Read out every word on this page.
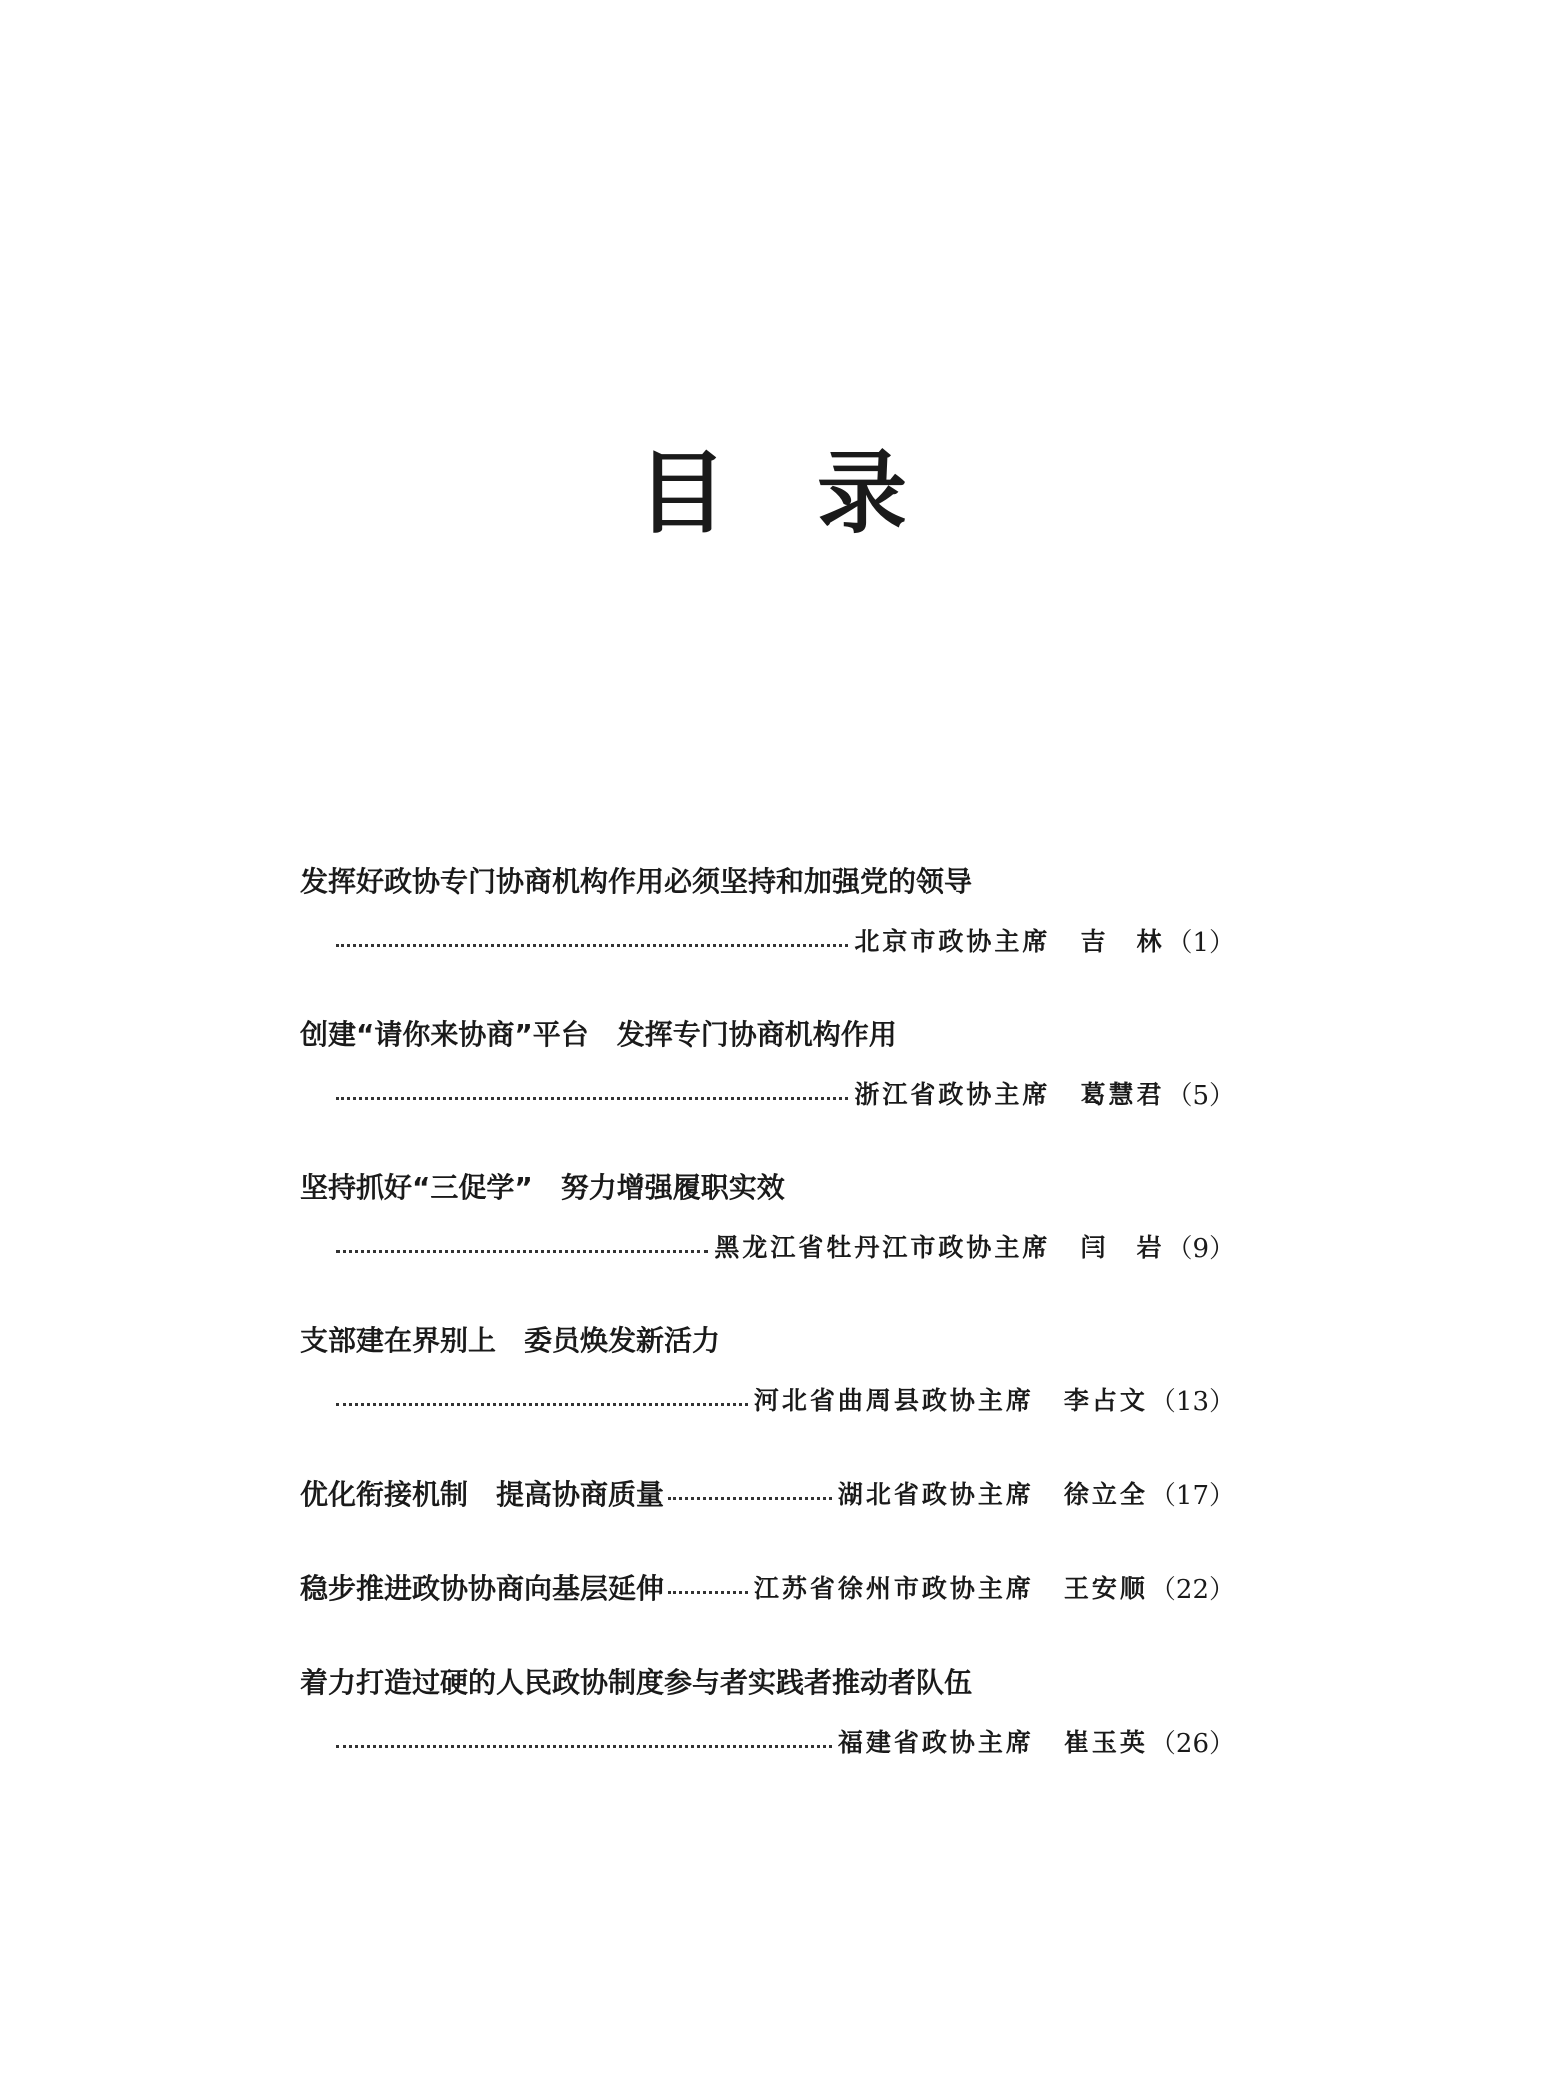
目 录
发挥好政协专门协商机构作用必须坚持和加强党的领导
北京市政协主席 吉　林 （1）
创建“请你来协商”平台　发挥专门协商机构作用
浙江省政协主席 葛慧君 （5）
坚持抓好“三促学”　努力增强履职实效
黑龙江省牡丹江市政协主席 闫　岩 （9）
支部建在界别上　委员焕发新活力
河北省曲周县政协主席 李占文 （13）
优化衔接机制　提高协商质量	湖北省政协主席 徐立全 （17）
稳步推进政协协商向基层延伸	江苏省徐州市政协主席 王安顺 （22）
着力打造过硬的人民政协制度参与者实践者推动者队伍
福建省政协主席 崔玉英 （26）
